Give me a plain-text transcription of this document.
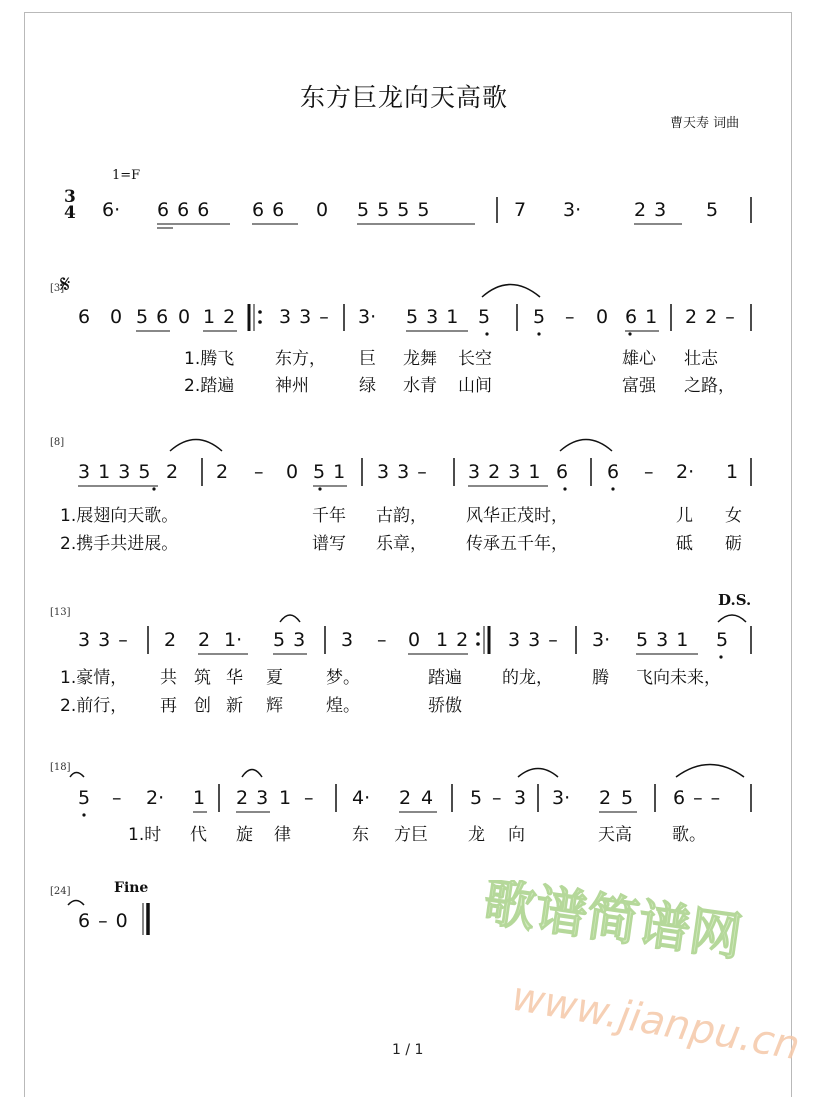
东方巨龙向天高歌
曹天寿 词曲
1=F
3
4 6· 6 6 6 6 6 0 5 5 5 5	7 3·	2 3 5
[3]
𝄋
6 0 5 6 0 1 2 3 3 – 3· 5 3 1 5 5 – 0 6 1 2 2 –
1.腾飞 东方， 巨 龙舞 长空	雄心 壮志
2.踏遍 神州	绿 水青 山间	富强 之路，
[8]
3 1 3 5 2 2 – 0 5 1 3 3 – 3 2 3 1 6 6 – 2· 1
1.展翅向天歌。	千年 古韵， 风华正茂时，	儿 女
2.携手共进展。	谱写 乐章， 传承五千年，	砥 砺
[13]
D.S.
3 3 – 2 2 1· 5 3 3 – 0 1 2 3 3 – 3· 5 3 1 5
1.豪情， 共 筑 华 夏	梦。	踏遍 的龙， 腾 飞向未来，
2.前行， 再 创 新 辉	煌。	骄傲
[18]
5 – 2· 1 2 3 1 – 4· 2 4 5 – 3 3· 2 5 6 – –
1.时 代 旋 律	东 方巨 龙 向	天高 歌。
[24]	Fine
6 – 0	歌谱简谱网
www.jianpu.cn
1 / 1
